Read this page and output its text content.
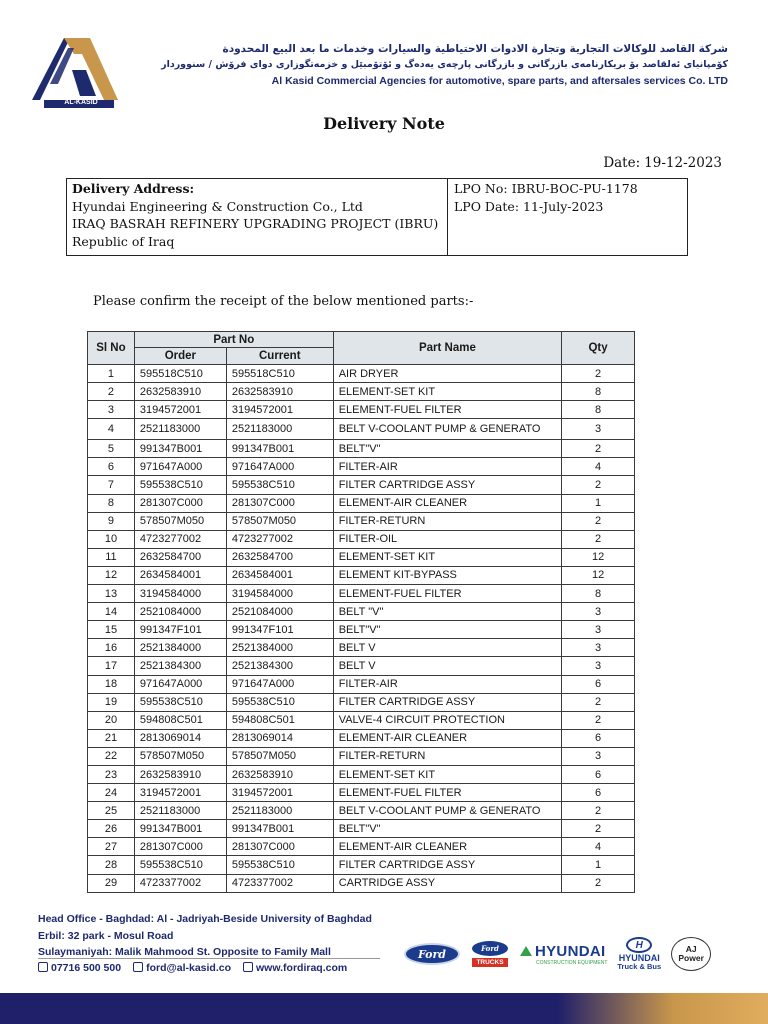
AL-KASID
شركة القاصد للوكالات التجارية وتجارة الادوات الاحتياطية والسيارات وخدمات ما بعد البيع المحدودة
كۆمپانیای ئەلقاصد بۆ بریکارنامەی بازرگانی و بازرگانی پارچەی یەدەگ و ئۆتۆمبێل و خزمەتگوزاری دوای فرۆش / سنووردار
Al Kasid Commercial Agencies for automotive, spare parts, and aftersales services Co. LTD
Delivery Note
Date: 19-12-2023
Delivery Address:
Hyundai Engineering & Construction Co., Ltd
IRAQ BASRAH REFINERY UPGRADING PROJECT (IBRU)
Republic of Iraq
LPO No: IBRU-BOC-PU-1178
LPO Date: 11-July-2023
Please confirm the receipt of the below mentioned parts:-
Sl No	Part No		Part Name	Qty
	Order	Current		
1	595518C510	595518C510	AIR DRYER	2
2	2632583910	2632583910	ELEMENT-SET KIT	8
3	3194572001	3194572001	ELEMENT-FUEL FILTER	8
4	2521183000	2521183000	BELT V-COOLANT PUMP & GENERATO	3
5	991347B001	991347B001	BELT"V"	2
6	971647A000	971647A000	FILTER-AIR	4
7	595538C510	595538C510	FILTER CARTRIDGE ASSY	2
8	281307C000	281307C000	ELEMENT-AIR CLEANER	1
9	578507M050	578507M050	FILTER-RETURN	2
10	4723277002	4723277002	FILTER-OIL	2
11	2632584700	2632584700	ELEMENT-SET KIT	12
12	2634584001	2634584001	ELEMENT KIT-BYPASS	12
13	3194584000	3194584000	ELEMENT-FUEL FILTER	8
14	2521084000	2521084000	BELT "V"	3
15	991347F101	991347F101	BELT"V"	3
16	2521384000	2521384000	BELT V	3
17	2521384300	2521384300	BELT V	3
18	971647A000	971647A000	FILTER-AIR	6
19	595538C510	595538C510	FILTER CARTRIDGE ASSY	2
20	594808C501	594808C501	VALVE-4 CIRCUIT PROTECTION	2
21	2813069014	2813069014	ELEMENT-AIR CLEANER	6
22	578507M050	578507M050	FILTER-RETURN	3
23	2632583910	2632583910	ELEMENT-SET KIT	6
24	3194572001	3194572001	ELEMENT-FUEL FILTER	6
25	2521183000	2521183000	BELT V-COOLANT PUMP & GENERATO	2
26	991347B001	991347B001	BELT"V"	2
27	281307C000	281307C000	ELEMENT-AIR CLEANER	4
28	595538C510	595538C510	FILTER CARTRIDGE ASSY	1
29	4723377002	4723377002	CARTRIDGE ASSY	2
Head Office - Baghdad: Al - Jadriyah-Beside University of Baghdad
Erbil: 32 park - Mosul Road
Sulaymaniyah: Malik Mahmood St. Opposite to Family Mall
07716 500 500	ford@al-kasid.co	www.fordiraq.com
Ford	Ford
TRUCKS
HYUNDAI
CONSTRUCTION EQUIPMENT
H
HYUNDAI
Truck & Bus
AJ
Power
